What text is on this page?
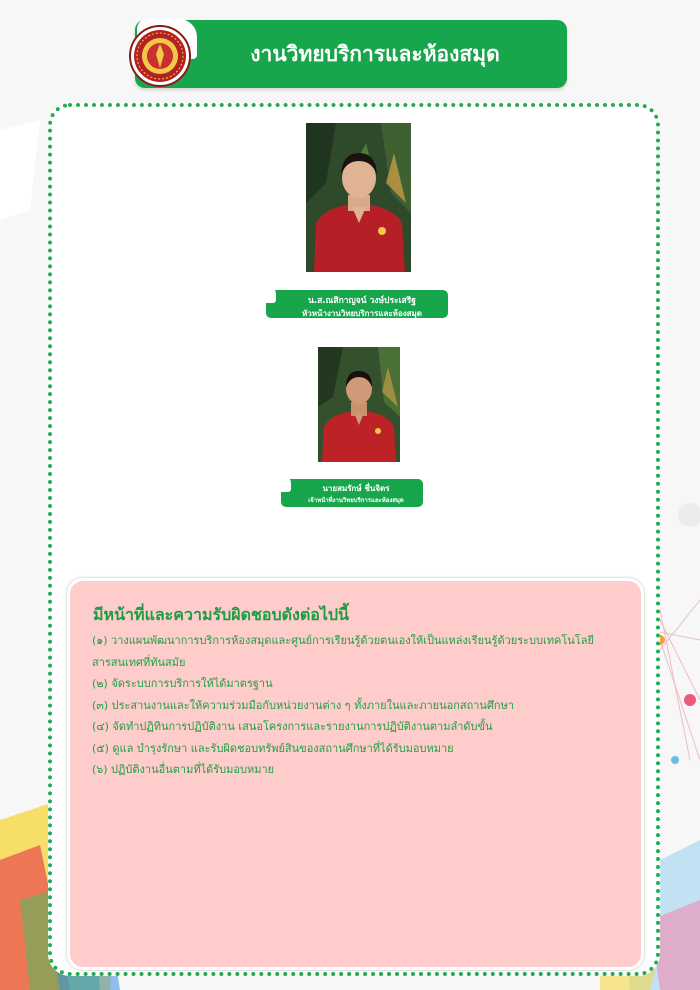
งานวิทยบริการและห้องสมุด
น.ส.ณสิกาญจน์ วงษ์ประเสริฐ
หัวหน้างานวิทยบริการและห้องสมุด
นายสมรักษ์ ชื่นจิตร
เจ้าหน้าที่งานวิทยบริการและห้องสมุด
มีหน้าที่และความรับผิดชอบดังต่อไปนี้
(๑) วางแผนพัฒนาการบริการห้องสมุดและศูนย์การเรียนรู้ด้วยตนเองให้เป็นแหล่งเรียนรู้ด้วยระบบเทคโนโลยี
สารสนเทศที่ทันสมัย
(๒) จัดระบบการบริการให้ได้มาตรฐาน
(๓) ประสานงานและให้ความร่วมมือกับหน่วยงานต่าง ๆ ทั้งภายในและภายนอกสถานศึกษา
(๔) จัดทำปฏิทินการปฏิบัติงาน เสนอโครงการและรายงานการปฏิบัติงานตามลำดับขั้น
(๕) ดูแล บำรุงรักษา และรับผิดชอบทรัพย์สินของสถานศึกษาที่ได้รับมอบหมาย
(๖) ปฏิบัติงานอื่นตามที่ได้รับมอบหมาย
